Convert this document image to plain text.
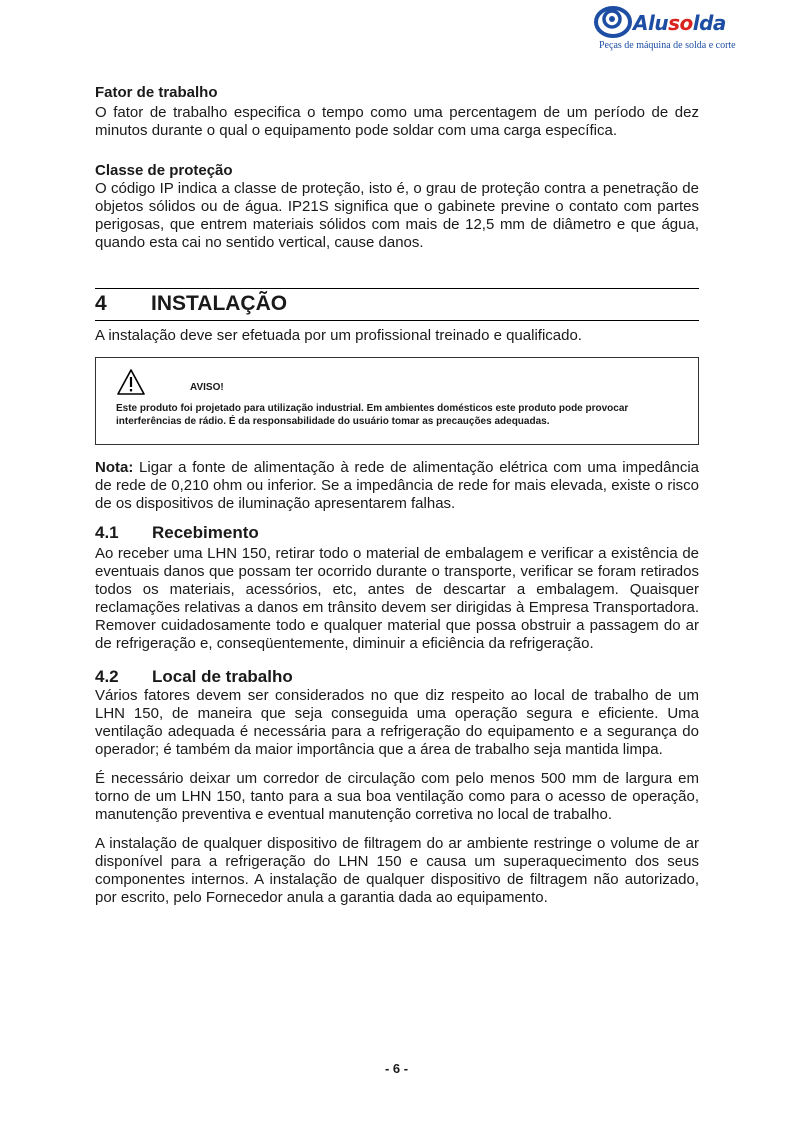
Alusolda
Peças de máquina de solda e corte
Fator de trabalho

O fator de trabalho especifica o tempo como uma percentagem de um período de dez minutos durante o qual o equipamento pode soldar com uma carga específica.

Classe de proteção

O código IP indica a classe de proteção, isto é, o grau de proteção contra a penetração de objetos sólidos ou de água. IP21S significa que o gabinete previne o contato com partes perigosas, que entrem materiais sólidos com mais de 12,5 mm de diâmetro e que água, quando esta cai no sentido vertical, cause danos.

4	INSTALAÇÃO

A instalação deve ser efetuada por um profissional treinado e qualificado.

AVISO!
Este produto foi projetado para utilização industrial. Em ambientes domésticos este produto pode provocar interferências de rádio. É da responsabilidade do usuário tomar as precauções adequadas.

Nota: Ligar a fonte de alimentação à rede de alimentação elétrica com uma impedância de rede de 0,210 ohm ou inferior. Se a impedância de rede for mais elevada, existe o risco de os dispositivos de iluminação apresentarem falhas.

4.1	Recebimento

Ao receber uma LHN 150, retirar todo o material de embalagem e verificar a existência de eventuais danos que possam ter ocorrido durante o transporte, verificar se foram retirados todos os materiais, acessórios, etc, antes de descartar a embalagem. Quaisquer reclamações relativas a danos em trânsito devem ser dirigidas à Empresa Transportadora. Remover cuidadosamente todo e qualquer material que possa obstruir a passagem do ar de refrigeração e, conseqüentemente, diminuir a eficiência da refrigeração.

4.2	Local de trabalho

Vários fatores devem ser considerados no que diz respeito ao local de trabalho de um LHN 150, de maneira que seja conseguida uma operação segura e eficiente. Uma ventilação adequada é necessária para a refrigeração do equipamento e a segurança do operador; é também da maior importância que a área de trabalho seja mantida limpa.

É necessário deixar um corredor de circulação com pelo menos 500 mm de largura em torno de um LHN 150, tanto para a sua boa ventilação como para o acesso de operação, manutenção preventiva e eventual manutenção corretiva no local de trabalho.

A instalação de qualquer dispositivo de filtragem do ar ambiente restringe o volume de ar disponível para a refrigeração do LHN 150 e causa um superaquecimento dos seus componentes internos. A instalação de qualquer dispositivo de filtragem não autorizado, por escrito, pelo Fornecedor anula a garantia dada ao equipamento.

- 6 -
